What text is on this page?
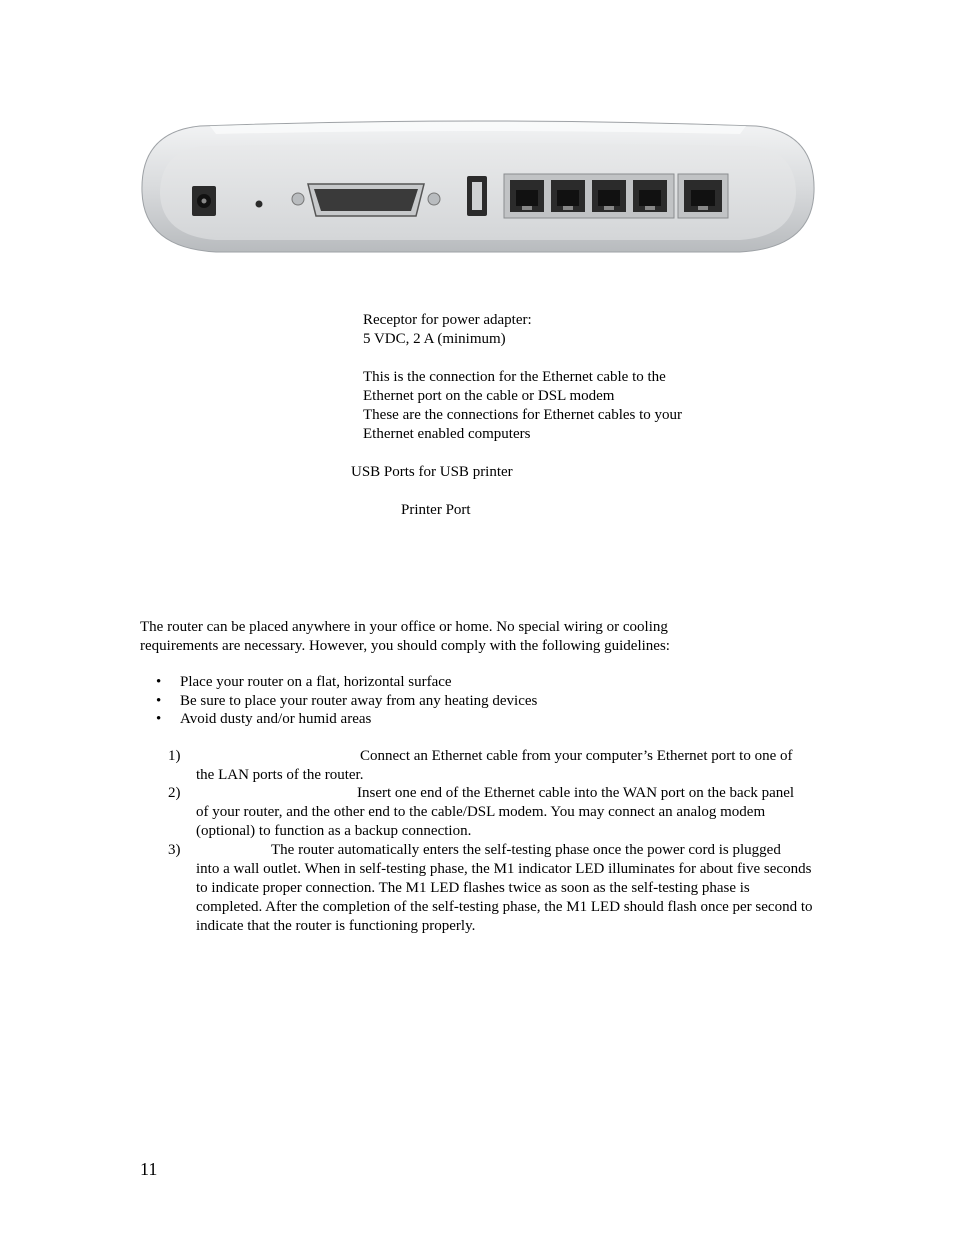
Receptor for power adapter:
5 VDC, 2 A (minimum)
This is the connection for the Ethernet cable to the
Ethernet port on the cable or DSL modem
These are the connections for Ethernet cables to your
Ethernet enabled computers
USB Ports for USB printer
Printer Port
The router can be placed anywhere in your office or home. No special wiring or cooling
requirements are necessary. However, you should comply with the following guidelines:
• Place your router on a flat, horizontal surface
• Be sure to place your router away from any heating devices
• Avoid dusty and/or humid areas
1)	Connect an Ethernet cable from your computer’s Ethernet port to one of
the LAN ports of the router.
2)	Insert one end of the Ethernet cable into the WAN port on the back panel
of your router, and the other end to the cable/DSL modem. You may connect an analog modem (optional) to function as a backup connection.
3)	The router automatically enters the self-testing phase once the power cord is plugged
into a wall outlet. When in self-testing phase, the M1 indicator LED illuminates for about five seconds to indicate proper connection. The M1 LED flashes twice as soon as the self-testing phase is completed. After the completion of the self-testing phase, the M1 LED should flash once per second to indicate that the router is functioning properly.
11
